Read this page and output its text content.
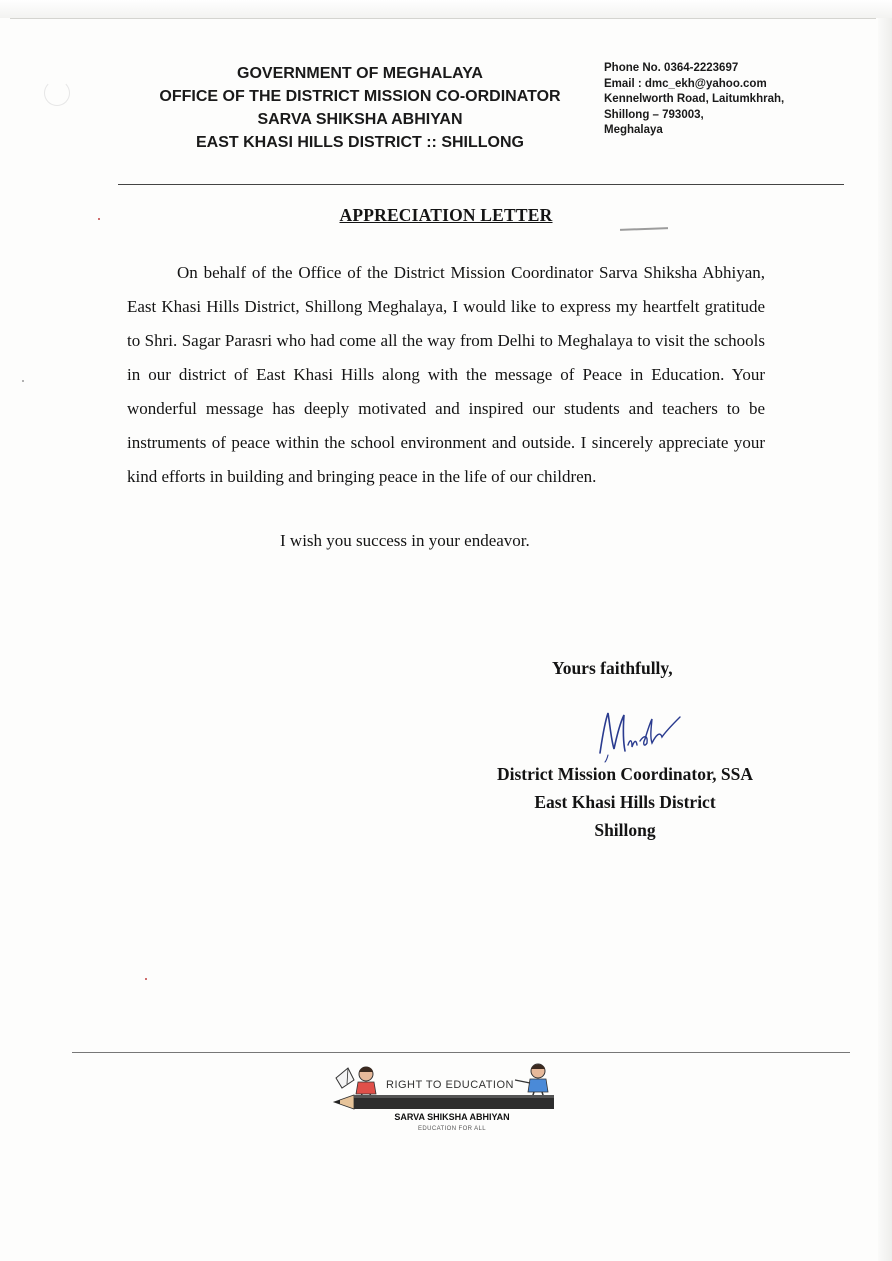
GOVERNMENT OF MEGHALAYA
OFFICE OF THE DISTRICT MISSION CO-ORDINATOR
SARVA SHIKSHA ABHIYAN
EAST KHASI HILLS DISTRICT :: SHILLONG
Phone No. 0364-2223697
Email : dmc_ekh@yahoo.com
Kennelworth Road, Laitumkhrah,
Shillong – 793003,
Meghalaya
APPRECIATION LETTER

On behalf of the Office of the District Mission Coordinator Sarva Shiksha Abhiyan, East Khasi Hills District, Shillong Meghalaya, I would like to express my heartfelt gratitude to Shri. Sagar Parasri who had come all the way from Delhi to Meghalaya to visit the schools in our district of East Khasi Hills along with the message of Peace in Education. Your wonderful message has deeply motivated and inspired our students and teachers to be instruments of peace within the school environment and outside. I sincerely appreciate your kind efforts in building and bringing peace in the life of our children.

I wish you success in your endeavor.
Yours faithfully,
District Mission Coordinator, SSA
East Khasi Hills District
Shillong
RIGHT TO EDUCATION
SARVA SHIKSHA ABHIYAN
EDUCATION FOR ALL
